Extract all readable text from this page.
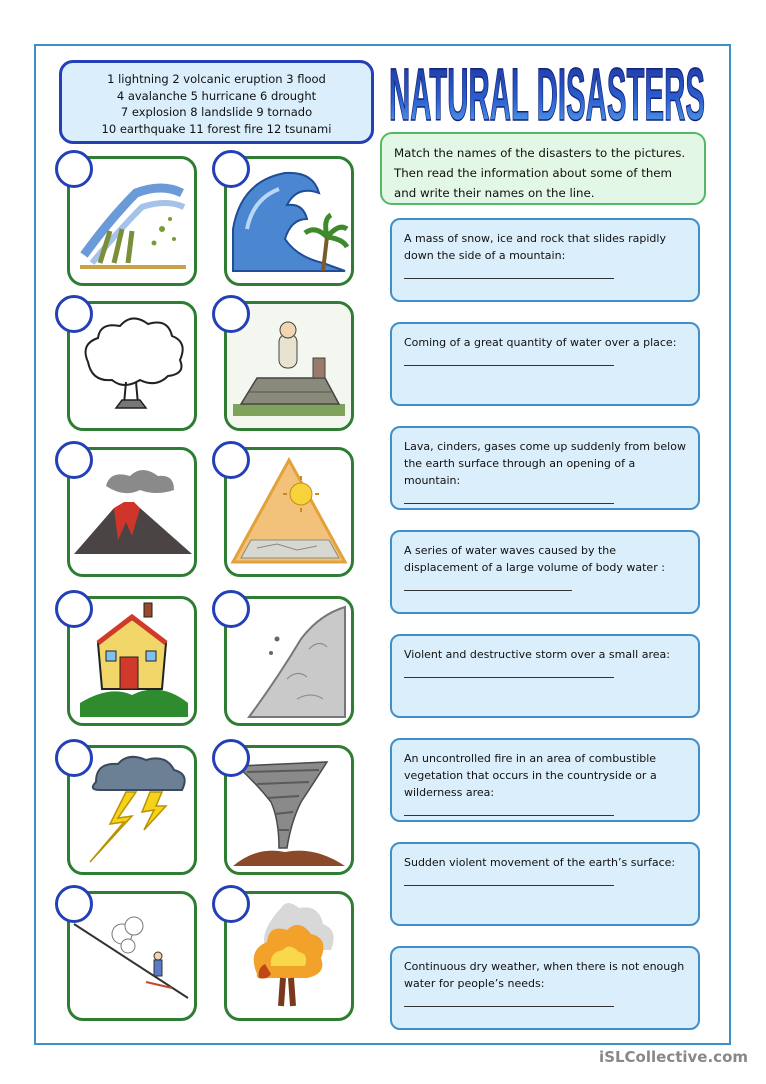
1 lightning 2 volcanic eruption 3 flood
4 avalanche 5 hurricane 6 drought
7 explosion 8 landslide 9 tornado
10 earthquake 11 forest fire 12 tsunami NATURAL DISASTERS
Match the names of the disasters to the pictures. Then read the information about some of them and write their names on the line.
A mass of snow, ice and rock that slides rapidly down the side of a mountain:
Coming of a great quantity of water over a place:
Lava, cinders, gases come up suddenly from below the earth surface through an opening of a mountain:
A series of water waves caused by the displacement of a large volume of body water :
Violent and destructive storm over a small area:
An uncontrolled fire in an area of combustible vegetation that occurs in the countryside or a wilderness area:
Sudden violent movement of the earth’s surface:
Continuous dry weather, when there is not enough water for people’s needs:
iSLCollective.com
